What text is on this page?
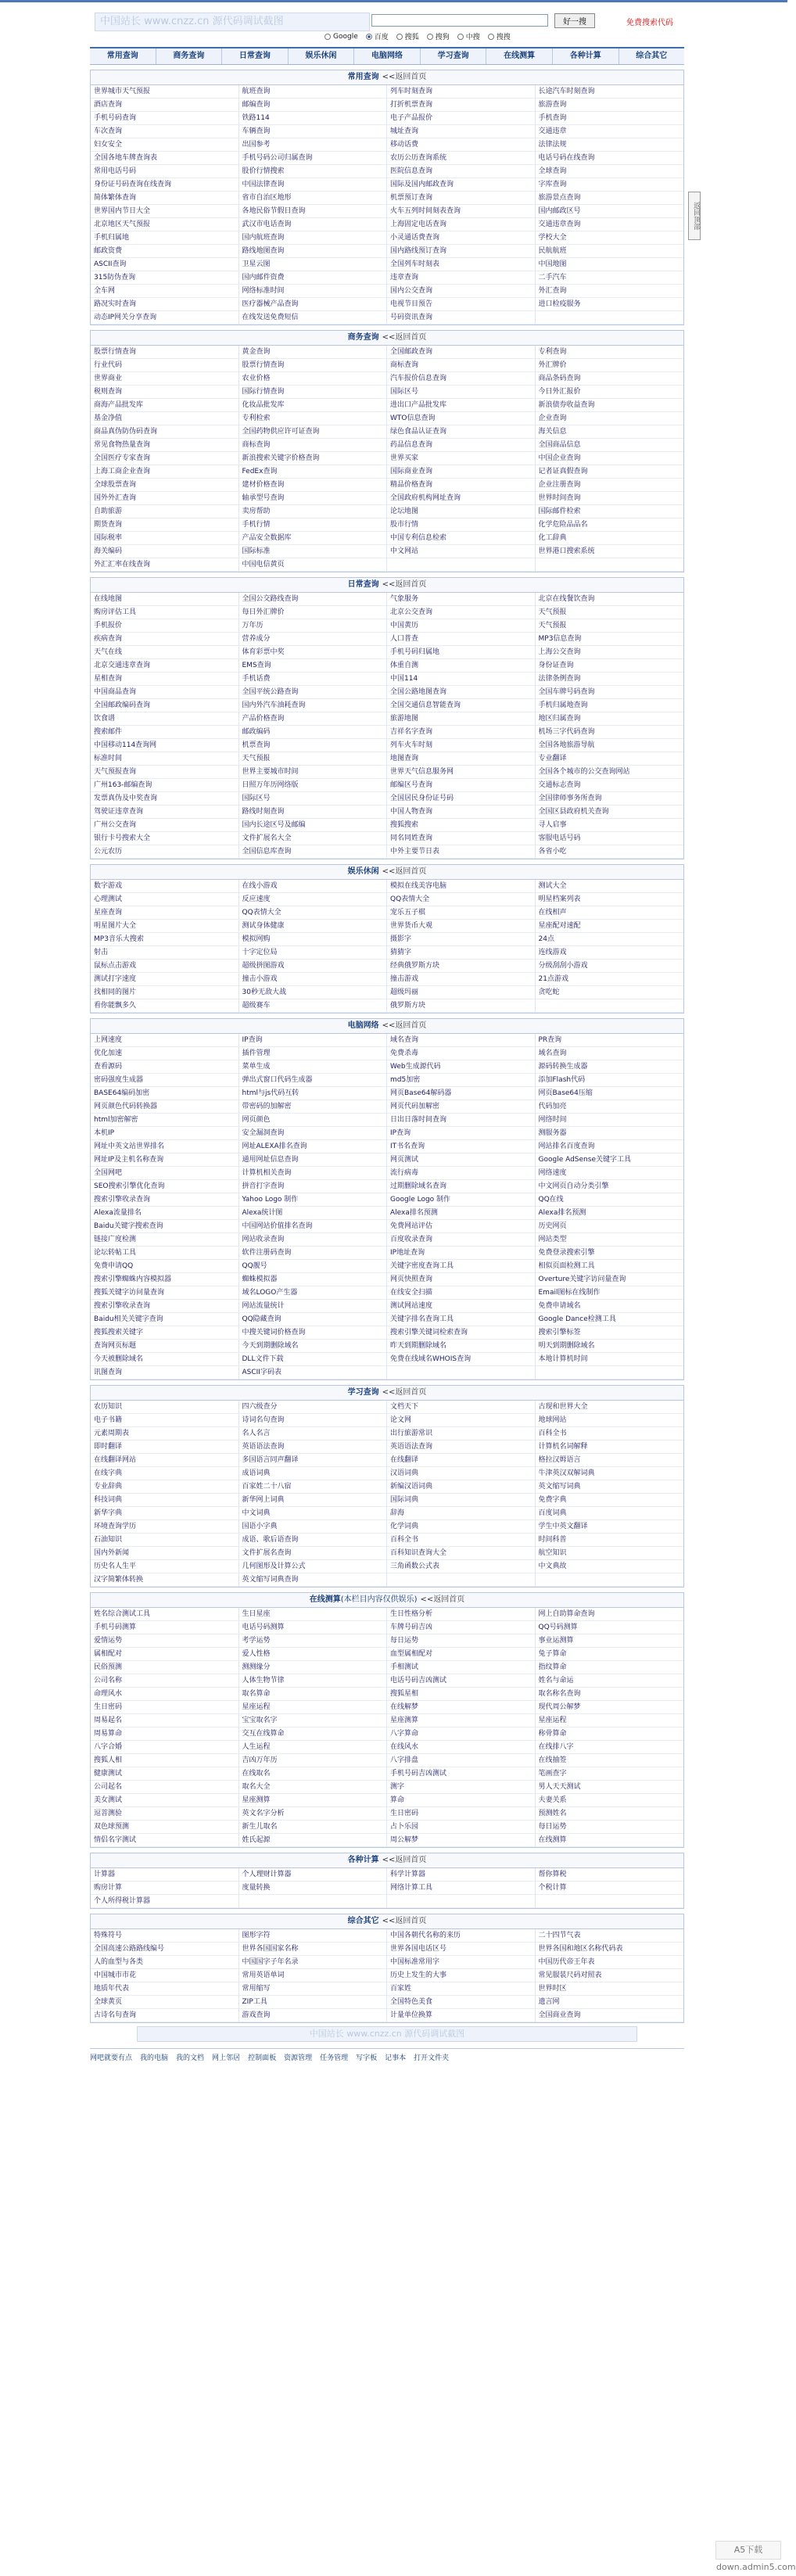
中国站长 www.cnzz.cn 源代码调试截图	好一搜	免费搜索代码
Google 百度 搜狐 搜狗 中搜 搜搜
常用查询	商务查询	日常查询	娱乐休闲	电脑网络	学习查询	在线测算	各种计算	综合其它
常用查询 <<返回首页
世界城市天气预报	航班查询	列车时刻查询	长途汽车时刻查询
酒店查询	邮编查询	打折机票查询	旅游查询
手机号码查询	铁路114	电子产品报价	手机查询
车次查询	车辆查询	城址查询	交通违章
妇女安全	出国参考	移动话费	法律法规
全国各地车牌查询表	手机号码公司归属查询	农历公历查询系统	电话号码在线查询
常用电话号码	股价行情搜索	医院信息查询	全球查询
身份证号码查询在线查询	中国法律查询	国际及国内邮政查询	字库查询
简体繁体查询	省市自治区地形	机票预订查询	旅游景点查询
世界国内节日大全	各地民俗节假日查询	火车五列时间刻表查询	国内邮政区号
北京地区天气预报	武汉市电话查询	上海固定电话查询	交通违章查询
手机归属地	国内航班查询	小灵通话费查询	学校大全
邮政资费	路线地图查询	国内路线预订查询	民航航班
ASCII查询	卫星云图	全国列车时刻表	中国地图
315防伪查询	国内邮件资费	违章查询	二手汽车
全车网	网络标准时间	国内公交查询	外汇查询
路况实时查询	医疗器械产品查询	电视节目预告	进口检疫服务
动态IP网关分享查询	在线发送免费短信	号码资讯查询
商务查询 <<返回首页
股票行情查询	黄金查询	全国邮政查询	专利查询
行业代码	股票行情查询	商标查询	外汇牌价
世界商业	农业价格	汽车报价信息查询	商品条码查询
税则查询	国际行情查询	国际区号	今日外汇报价
商海产品批发库	化妆品批发库	进出口产品批发库	新浪债券收益查询
基金净值	专利检索	WTO信息查询	企业查询
商品真伪防伪码查询	全国药物供应许可证查询	绿色食品认证查询	海关信息
常见食物热量查询	商标查询	药品信息查询	全国商品信息
全国医疗专家查询	新浪搜索关键字价格查询	世界买家	中国企业查询
上海工商企业查询	FedEx查询	国际商业查询	记者证真假查询
全球股票查询	建材价格查询	精品价格查询	企业注册查询
国外外汇查询	轴承型号查询	全国政府机构网址查询	世界时间查询
自助旅游	卖房帮助	论坛地图	国际邮件检索
期货查询	手机行情	股市行情	化学危险品品名
国际税率	产品安全数据库	中国专利信息检索	化工辞典
海关编码	国际标准	中文网站	世界港口搜索系统
外汇汇率在线查询	中国电信黄页
日常查询 <<返回首页
在线地图	全国公交路线查询	气象服务	北京在线餐饮查询
购房评估工具	每日外汇牌价	北京公交查询	天气预报
手机报价	万年历	中国黄历	天气预报
疾病查询	营养成分	人口普查	MP3信息查询
天气在线	体育彩票中奖	手机号码归属地	上海公交查询
北京交通违章查询	EMS查询	体重自测	身份证查询
星相查询	手机话费	中国114	法律条例查询
中国商品查询	全国平统公路查询	全国公路地图查询	全国车牌号码查询
全国邮政编码查询	国内外汽车油耗查询	全国交通信息智能查询	手机归属地查询
饮食谱	产品价格查询	旅游地图	地区归属查询
搜索邮件	邮政编码	吉祥名字查询	机场三字代码查询
中国移动114查询网	机票查询	列车火车时刻	全国各地旅游导航
标准时间	天气预报	地图查询	专业翻译
天气预报查询	世界主要城市时间	世界天气信息服务网	全国各个城市的公交查询网站
广州163-邮编查询	日照万年历网络版	邮编区号查询	交通标志查询
发票真伪及中奖查询	国际区号	全国居民身份证号码	全国律师事务所查询
驾驶证违章查询	路线时刻查询	中国人物查询	全国区县政府机关查询
广州公交查询	国内长途区号及邮编	搜狐搜索	寻人启事
银行卡号搜索大全	文件扩展名大全	同名同姓查询	客服电话号码
公元农历	全国信息库查询	中外主要节日表	各省小吃
娱乐休闲 <<返回首页
数字游戏	在线小游戏	模拟在线美容电脑	测试大全
心理测试	反应速度	QQ表情大全	明星档案列表
星座查询	QQ表情大全	宠乐五子棋	在线相声
明星图片大全	测试身体健康	世界货币大观	星座配对速配
MP3音乐大搜索	模拟网购	摄影字	24点
射击	十字定位局	猜猜字	连线游戏
鼠标点击游戏	超级拼图游戏	经典俄罗斯方块	分级刮刮小游戏
测试打字速度	撞击小游戏	撞击游戏	21点游戏
找相同的图片	30秒无敌大战	超级玛丽	贪吃蛇
看你能飘多久	超级赛车	俄罗斯方块
电脑网络 <<返回首页
上网速度	IP查询	域名查询	PR查询
优化加速	插件管理	免费杀毒	域名查询
查看源码	菜单生成	Web生成源代码	源码转换生成器
密码强度生成器	弹出式窗口代码生成器	md5加密	添加Flash代码
BASE64编码加密	html与js代码互转	网页Base64解码器	网页Base64压缩
网页颜色代码转换器	带密码的加解密	网页代码加解密	代码加亮
html加密解密	网页颜色	日出日落时间查询	网络时间
本机IP	安全漏洞查询	IP查询	测服务器
网址中英文站世界排名	网址ALEXA排名查询	IT书名查询	网站排名百度查询
网址IP及主机名称查询	通用网址信息查询	网页测试	Google AdSense关键字工具
全国网吧	计算机相关查询	流行病毒	网络速度
SEO搜索引擎优化查询	拼音打字查询	过期删除域名查询	中文网页自动分类引擎
搜索引擎收录查询	Yahoo Logo 制作	Google Logo 制作	QQ在线
Alexa流量排名	Alexa统计图	Alexa排名预测	Alexa排名预测
Baidu关键字搜索查询	中国网站价值排名查询	免费网站评估	历史网页
链接广度检测	网站收录查询	百度收录查询	网站类型
论坛转帖工具	软件注册码查询	IP地址查询	免费登录搜索引擎
免费申请QQ	QQ靓号	关键字密度查询工具	相似页面检测工具
搜索引擎蜘蛛内容模拟器	蜘蛛模拟器	网页快照查询	Overture关键字访问量查询
搜狐关键字访问量查询	域名LOGO产生器	在线安全扫描	Email图标在线制作
搜索引擎收录查询	网站流量统计	测试网站速度	免费申请域名
Baidu相关关键字查询	QQ隐藏查询	关键字排名查询工具	Google Dance检测工具
搜狐搜索关键字	中搜关键词价格查询	搜索引擎关键词检索查询	搜索引擎标签
查询网页标题	今天到期删除域名	昨天到期删除域名	明天到期删除域名
今天被删除域名	DLL文件下载	免费在线域名WHOIS查询	本地计算机时间
讯图查询	ASCII字码表
学习查询 <<返回首页
农历知识	四六级查分	文档天下	古现和世界大全
电子书籍	诗词名句查询	论文网	地球网站
元素周期表	名人名言	出行旅游常识	百科全书
即时翻译	英语语法查询	英语语法查询	计算机名词解释
在线翻译网站	多国语言同声翻译	在线翻译	格拉汉姆语言
在线字典	成语词典	汉语词典	牛津英汉双解词典
专业辞典	百家姓二十八宿	新编汉语词典	英文缩写词典
科技词典	新华网上词典	国际词典	免费字典
新华字典	中文词典	辞海	百度词典
环境查询学历	国语小字典	化学词典	学生中英文翻译
石油知识	成语、歌后语查询	百科全书	时间科普
国内外新闻	文件扩展名查询	百科知识查询大全	航空知识
历史名人生平	几何图形及计算公式	三角函数公式表	中文典故
汉字简繁体转换	英文缩写词典查询
在线测算(本栏目内容仅供娱乐) <<返回首页
姓名综合测试工具	生日星座	生日性格分析	网上自助算命查询
手机号码测算	电话号码测算	车牌号码吉凶	QQ号码测算
爱情运势	考学运势	每日运势	事业运测算
属相配对	爱人性格	血型属相配对	兔子算命
民俗预测	测测缘分	手相测试	指纹算命
公司名称	人体生物节律	电话号码吉凶测试	姓名与命运
命理风水	取名算命	搜狐星相	取名称名查询
生日密码	星座运程	在线解梦	现代周公解梦
周易起名	宝宝取名字	星座测算	星座运程
周易算命	交互在线算命	八字算命	称骨算命
八字合婚	人生运程	在线风水	在线排八字
搜狐人相	吉凶万年历	八字排盘	在线抽签
健康测试	在线取名	手机号码吉凶测试	笔画查字
公司起名	取名大全	测字	男人天天测试
美女测试	星座测算	算命	夫妻关系
逗菩测验	英文名字分析	生日密码	预测姓名
双色球预测	新生儿取名	占卜乐园	每日运势
情侣名字测试	姓氏起源	周公解梦	在线测算
各种计算 <<返回首页
计算器	个人理财计算器	科学计算器	帮你算税
购房计算	度量转换	网络计算工具	个税计算
个人所得税计算器
综合其它 <<返回首页
特殊符号	图形字符	中国各朝代名称的来历	二十四节气表
全国高速公路路线编号	世界各国国家名称	世界各国电话区号	世界各国和地区名称代码表
人的血型与各类	中国国字子年名录	中国标准常用字	中国历代帝王年表
中国城市市花	常用英语单词	历史上发生的大事	常见服装尺码对照表
地质年代表	常用缩写	百家姓	世界时区
全球黄页	ZIP工具	全国特色美食	遗言网
古诗名句查询	游戏查询	计量单位换算	全国商业查询
中国站长 www.cnzz.cn 源代码调试截图
网吧就要有点 我的电脑 我的文档 网上邻居 控制面板 资源管理 任务管理 写字板 记事本 打开文件夹
返回顶部
A5下载 down.admin5.com
